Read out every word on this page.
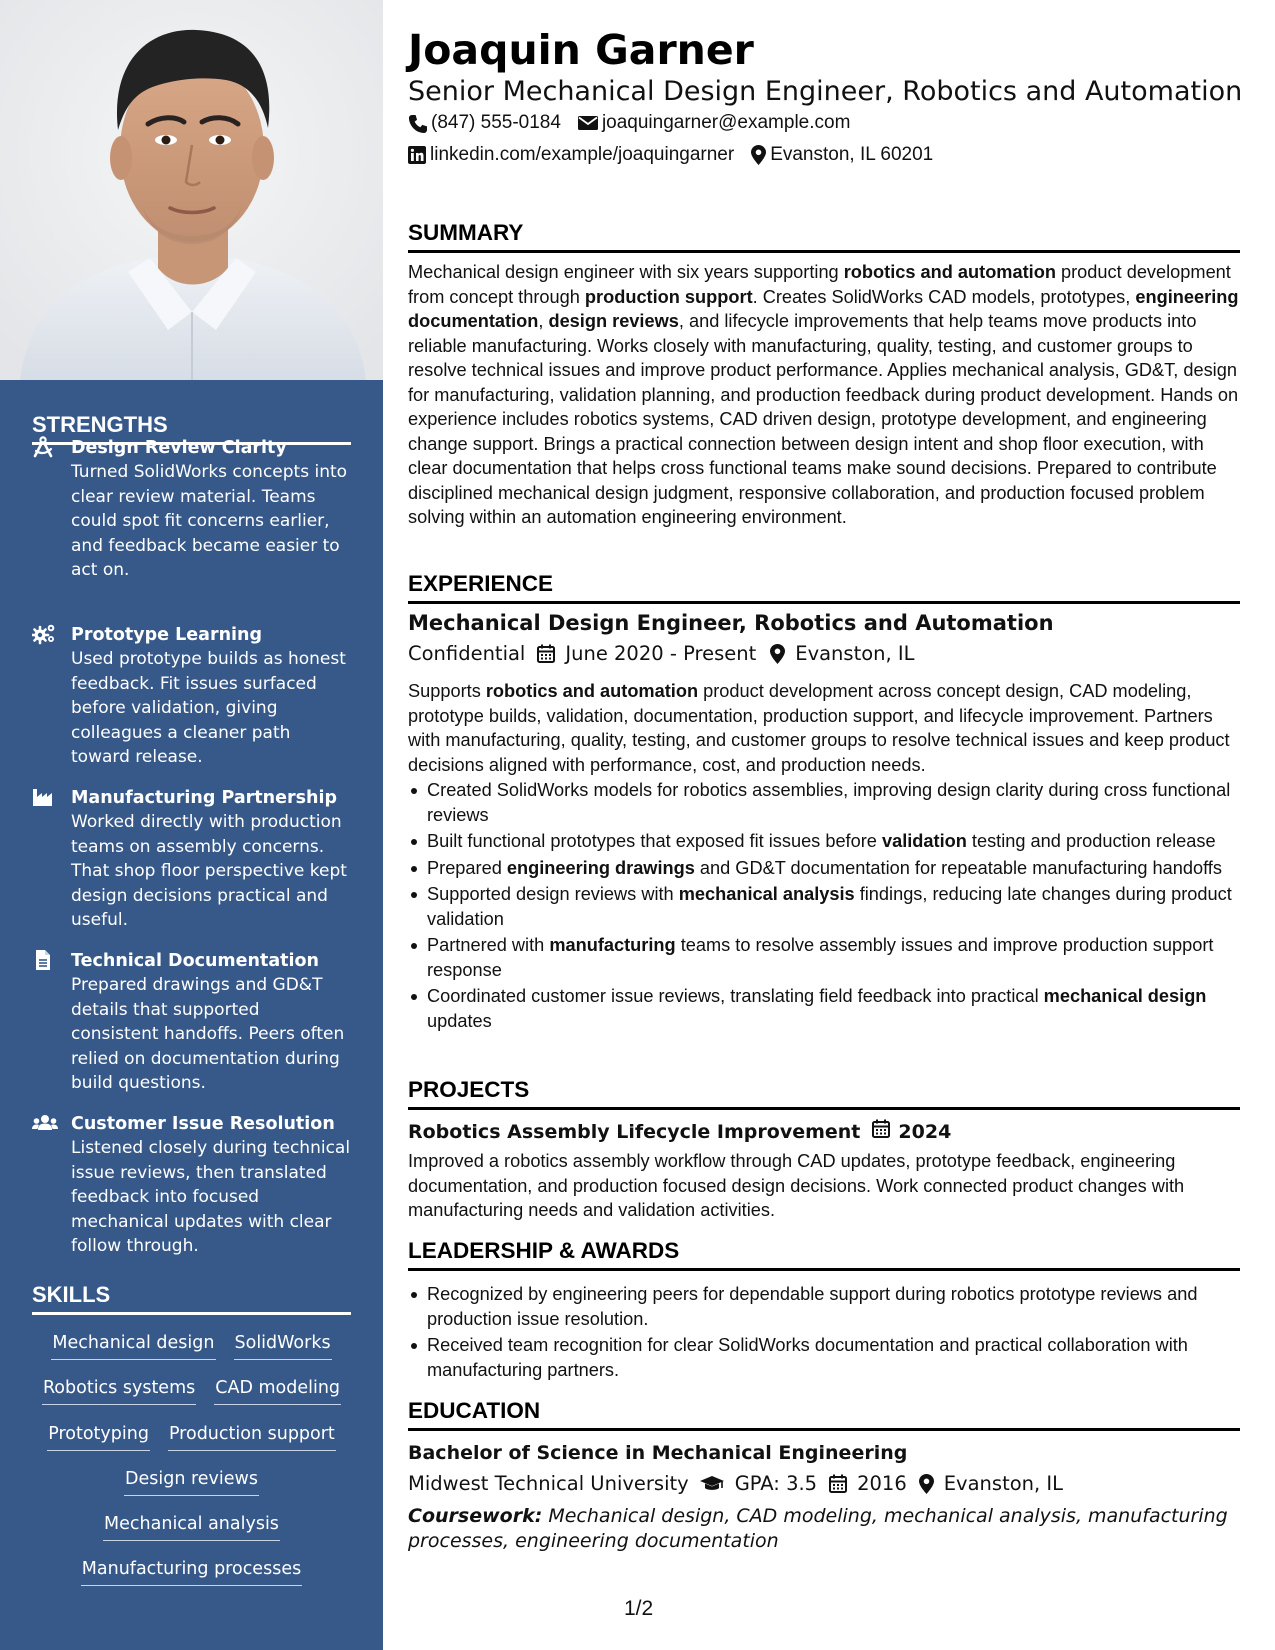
STRENGTHS
Design Review Clarity
Turned SolidWorks concepts into clear review material. Teams could spot fit concerns earlier, and feedback became easier to act on.
Prototype Learning
Used prototype builds as honest feedback. Fit issues surfaced before validation, giving colleagues a cleaner path toward release.
Manufacturing Partnership
Worked directly with production teams on assembly concerns. That shop floor perspective kept design decisions practical and useful.
Technical Documentation
Prepared drawings and GD&T details that supported consistent handoffs. Peers often relied on documentation during build questions.
Customer Issue Resolution
Listened closely during technical issue reviews, then translated feedback into focused mechanical updates with clear follow through.
SKILLS
Mechanical design SolidWorks
Robotics systems CAD modeling
Prototyping Production support
Design reviews
Mechanical analysis
Manufacturing processes
Joaquin Garner
Senior Mechanical Design Engineer, Robotics and Automation
(847) 555-0184 joaquingarner@example.com
linkedin.com/example/joaquingarner Evanston, IL 60201
SUMMARY
Mechanical design engineer with six years supporting robotics and automation product development from concept through production support. Creates SolidWorks CAD models, prototypes, engineering documentation, design reviews, and lifecycle improvements that help teams move products into reliable manufacturing. Works closely with manufacturing, quality, testing, and customer groups to resolve technical issues and improve product performance. Applies mechanical analysis, GD&T, design for manufacturing, validation planning, and production feedback during product development. Hands on experience includes robotics systems, CAD driven design, prototype development, and engineering change support. Brings a practical connection between design intent and shop floor execution, with clear documentation that helps cross functional teams make sound decisions. Prepared to contribute disciplined mechanical design judgment, responsive collaboration, and production focused problem solving within an automation engineering environment.
EXPERIENCE
Mechanical Design Engineer, Robotics and Automation
Confidential June 2020 - Present Evanston, IL
Supports robotics and automation product development across concept design, CAD modeling, prototype builds, validation, documentation, production support, and lifecycle improvement. Partners with manufacturing, quality, testing, and customer groups to resolve technical issues and keep product decisions aligned with performance, cost, and production needs.
Created SolidWorks models for robotics assemblies, improving design clarity during cross functional reviews
Built functional prototypes that exposed fit issues before validation testing and production release
Prepared engineering drawings and GD&T documentation for repeatable manufacturing handoffs
Supported design reviews with mechanical analysis findings, reducing late changes during product validation
Partnered with manufacturing teams to resolve assembly issues and improve production support response
Coordinated customer issue reviews, translating field feedback into practical mechanical design updates
PROJECTS
Robotics Assembly Lifecycle Improvement 2024
Improved a robotics assembly workflow through CAD updates, prototype feedback, engineering documentation, and production focused design decisions. Work connected product changes with manufacturing needs and validation activities.
LEADERSHIP & AWARDS
Recognized by engineering peers for dependable support during robotics prototype reviews and production issue resolution.
Received team recognition for clear SolidWorks documentation and practical collaboration with manufacturing partners.
EDUCATION
Bachelor of Science in Mechanical Engineering
Midwest Technical University GPA: 3.5 2016 Evanston, IL
Coursework: Mechanical design, CAD modeling, mechanical analysis, manufacturing processes, engineering documentation
1/2
